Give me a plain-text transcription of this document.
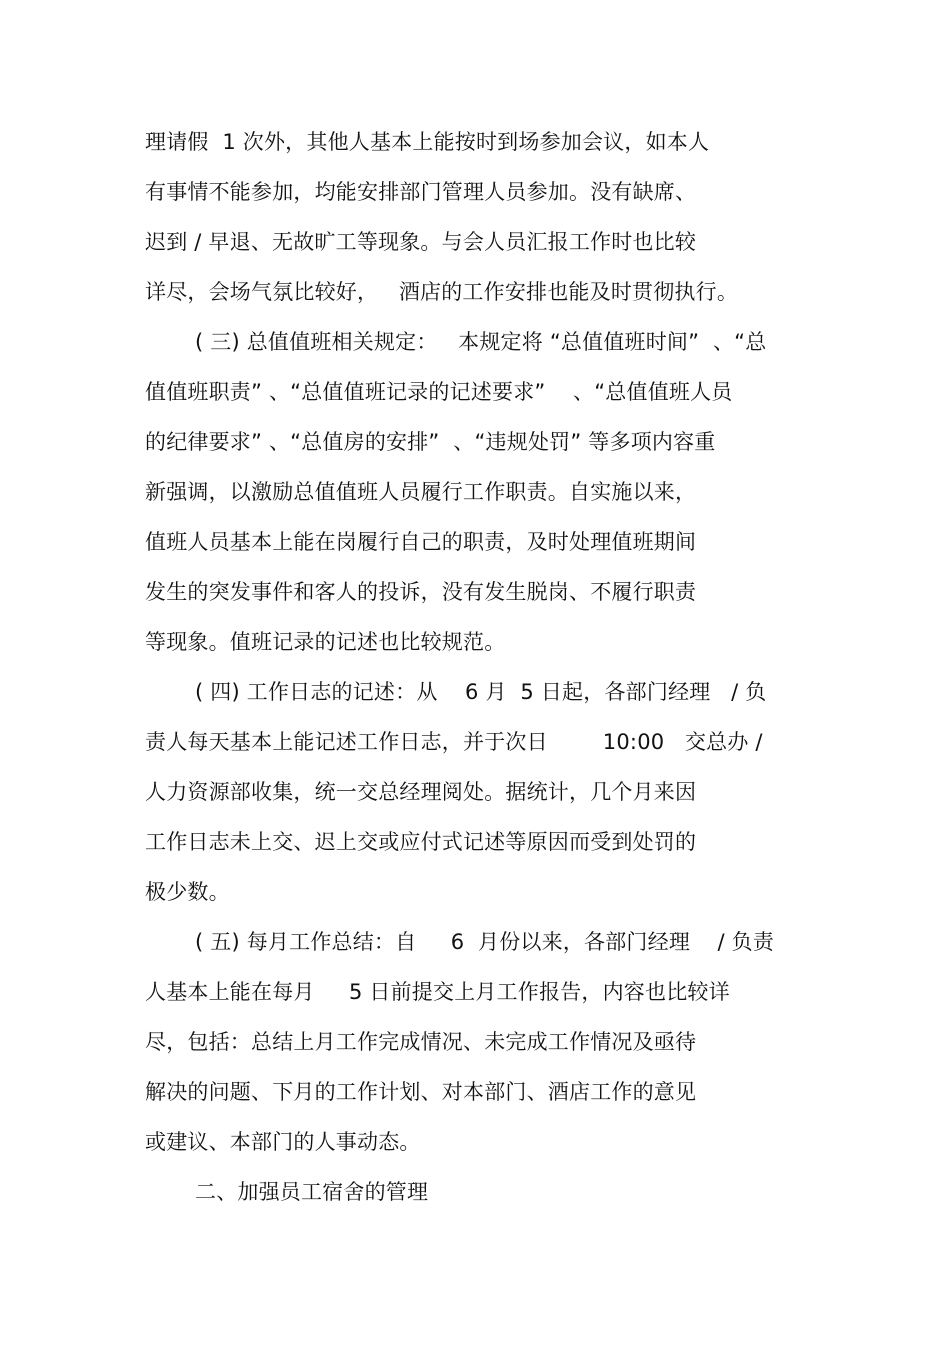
理请假  1 次外，其他人基本上能按时到场参加会议，如本人
有事情不能参加，均能安排部门管理人员参加。没有缺席、
迟到 / 早退、无故旷工等现象。与会人员汇报工作时也比较
详尽，会场气氛比较好，   酒店的工作安排也能及时贯彻执行。
( 三) 总值值班相关规定：   本规定将 “总值值班时间”  、“总
值值班职责” 、“总值值班记录的记述要求”    、“总值值班人员
的纪律要求” 、“总值房的安排”  、“违规处罚” 等多项内容重
新强调，以激励总值值班人员履行工作职责。自实施以来，
值班人员基本上能在岗履行自己的职责，及时处理值班期间
发生的突发事件和客人的投诉，没有发生脱岗、不履行职责
等现象。值班记录的记述也比较规范。
( 四) 工作日志的记述：从    6 月  5 日起，各部门经理   / 负
责人每天基本上能记述工作日志，并于次日        10:00   交总办 /
人力资源部收集，统一交总经理阅处。据统计，几个月来因
工作日志未上交、迟上交或应付式记述等原因而受到处罚的
极少数。
( 五) 每月工作总结：自     6  月份以来，各部门经理    / 负责
人基本上能在每月     5 日前提交上月工作报告，内容也比较详
尽，包括：总结上月工作完成情况、未完成工作情况及亟待
解决的问题、下月的工作计划、对本部门、酒店工作的意见
或建议、本部门的人事动态。
二、加强员工宿舍的管理
